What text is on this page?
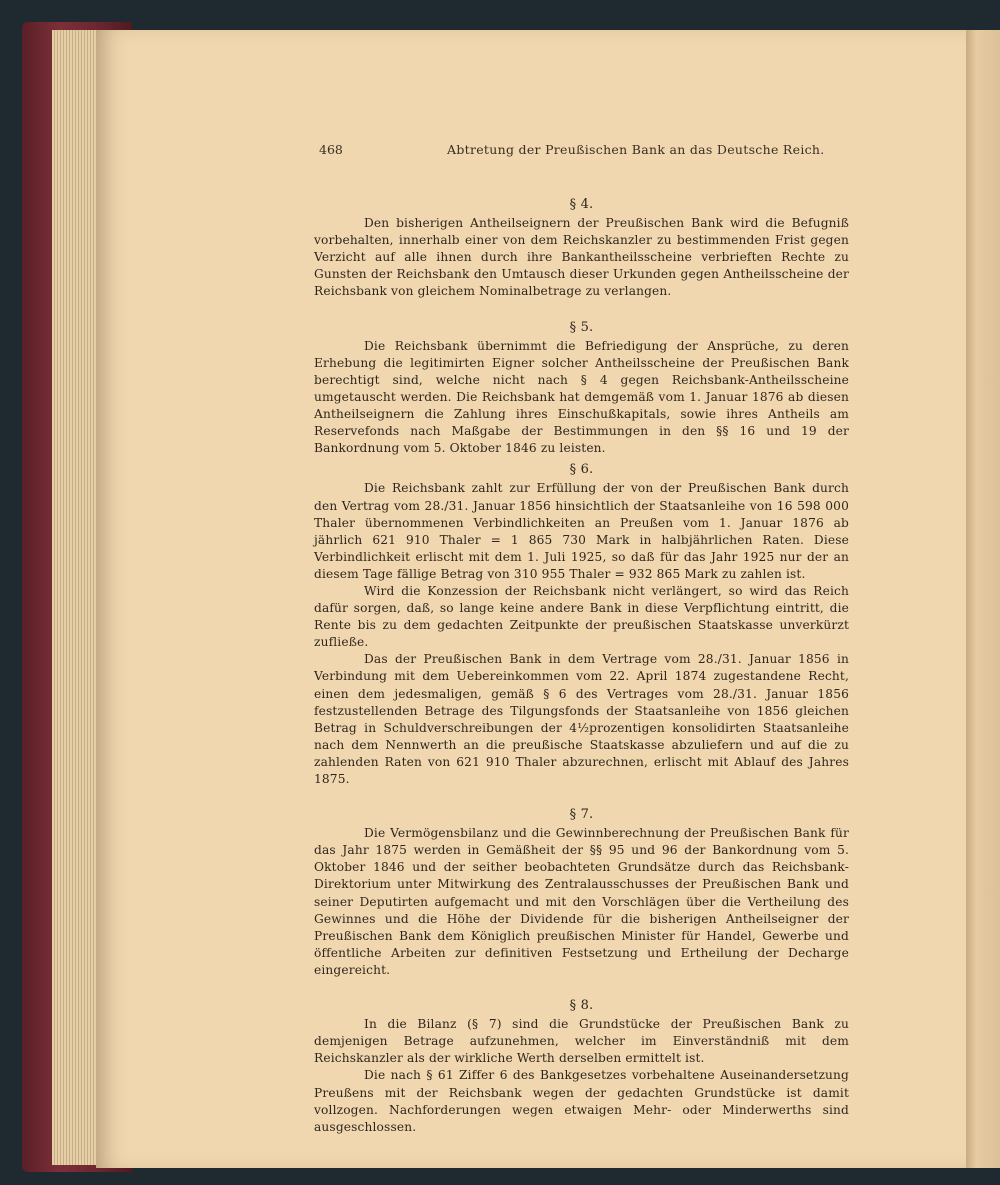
468	Abtretung der Preußischen Bank an das Deutsche Reich.
§ 4.

Den bisherigen Antheilseignern der Preußischen Bank wird die Befugniß vorbehalten, innerhalb einer von dem Reichskanzler zu bestimmenden Frist gegen Verzicht auf alle ihnen durch ihre Bankantheilsscheine verbrieften Rechte zu Gunsten der Reichsbank den Umtausch dieser Urkunden gegen Antheilsscheine der Reichsbank von gleichem Nominalbetrage zu verlangen.

§ 5.

Die Reichsbank übernimmt die Befriedigung der Ansprüche, zu deren Erhebung die legitimirten Eigner solcher Antheilsscheine der Preußischen Bank berechtigt sind, welche nicht nach § 4 gegen Reichsbank-Antheilsscheine umgetauscht werden. Die Reichsbank hat demgemäß vom 1. Januar 1876 ab diesen Antheilseignern die Zahlung ihres Einschußkapitals, sowie ihres Antheils am Reservefonds nach Maßgabe der Bestimmungen in den §§ 16 und 19 der Bankordnung vom 5. Oktober 1846 zu leisten.

§ 6.

Die Reichsbank zahlt zur Erfüllung der von der Preußischen Bank durch den Vertrag vom 28./31. Januar 1856 hinsichtlich der Staatsanleihe von 16 598 000 Thaler übernommenen Verbindlichkeiten an Preußen vom 1. Januar 1876 ab jährlich 621 910 Thaler = 1 865 730 Mark in halbjährlichen Raten. Diese Verbindlichkeit erlischt mit dem 1. Juli 1925, so daß für das Jahr 1925 nur der an diesem Tage fällige Betrag von 310 955 Thaler = 932 865 Mark zu zahlen ist.

Wird die Konzession der Reichsbank nicht verlängert, so wird das Reich dafür sorgen, daß, so lange keine andere Bank in diese Verpflichtung eintritt, die Rente bis zu dem gedachten Zeitpunkte der preußischen Staatskasse unverkürzt zufließe.

Das der Preußischen Bank in dem Vertrage vom 28./31. Januar 1856 in Verbindung mit dem Uebereinkommen vom 22. April 1874 zugestandene Recht, einen dem jedesmaligen, gemäß § 6 des Vertrages vom 28./31. Januar 1856 festzustellenden Betrage des Tilgungsfonds der Staatsanleihe von 1856 gleichen Betrag in Schuldverschreibungen der 4½prozentigen konsolidirten Staatsanleihe nach dem Nennwerth an die preußische Staatskasse abzuliefern und auf die zu zahlenden Raten von 621 910 Thaler abzurechnen, erlischt mit Ablauf des Jahres 1875.

§ 7.

Die Vermögensbilanz und die Gewinnberechnung der Preußischen Bank für das Jahr 1875 werden in Gemäßheit der §§ 95 und 96 der Bankordnung vom 5. Oktober 1846 und der seither beobachteten Grundsätze durch das Reichsbank-Direktorium unter Mitwirkung des Zentralausschusses der Preußischen Bank und seiner Deputirten aufgemacht und mit den Vorschlägen über die Vertheilung des Gewinnes und die Höhe der Dividende für die bisherigen Antheilseigner der Preußischen Bank dem Königlich preußischen Minister für Handel, Gewerbe und öffentliche Arbeiten zur definitiven Festsetzung und Ertheilung der Decharge eingereicht.

§ 8.

In die Bilanz (§ 7) sind die Grundstücke der Preußischen Bank zu demjenigen Betrage aufzunehmen, welcher im Einverständniß mit dem Reichskanzler als der wirkliche Werth derselben ermittelt ist.

Die nach § 61 Ziffer 6 des Bankgesetzes vorbehaltene Auseinandersetzung Preußens mit der Reichsbank wegen der gedachten Grundstücke ist damit vollzogen. Nachforderungen wegen etwaigen Mehr- oder Minderwerths sind ausgeschlossen.
